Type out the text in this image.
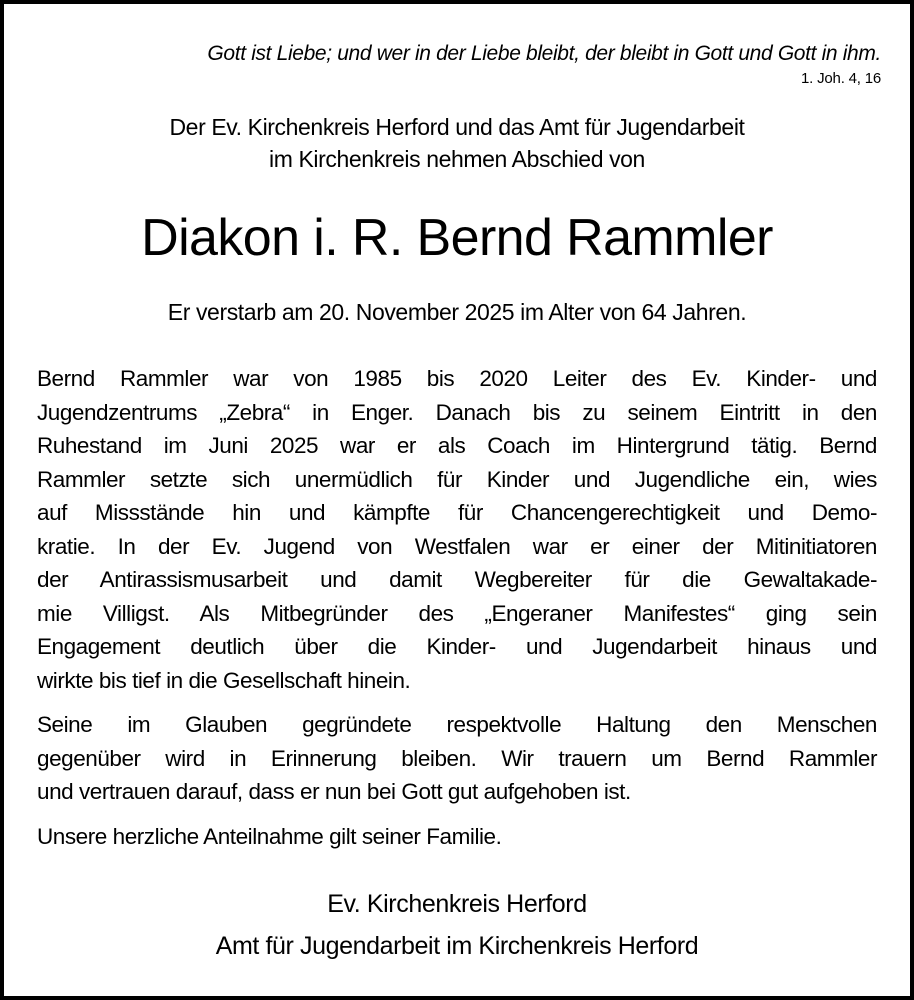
Gott ist Liebe; und wer in der Liebe bleibt, der bleibt in Gott und Gott in ihm.
1. Joh. 4, 16
Der Ev. Kirchenkreis Herford und das Amt für Jugendarbeit
im Kirchenkreis nehmen Abschied von
Diakon i. R. Bernd Rammler
Er verstarb am 20. November 2025 im Alter von 64 Jahren.

Bernd Rammler war von 1985 bis 2020 Leiter des Ev. Kinder- und
Jugendzentrums „Zebra“ in Enger. Danach bis zu seinem Eintritt in den
Ruhestand im Juni 2025 war er als Coach im Hintergrund tätig. Bernd
Rammler setzte sich unermüdlich für Kinder und Jugendliche ein, wies
auf Missstände hin und kämpfte für Chancengerechtigkeit und Demo-
kratie. In der Ev. Jugend von Westfalen war er einer der Mitinitiatoren
der Antirassismusarbeit und damit Wegbereiter für die Gewaltakade-
mie Villigst. Als Mitbegründer des „Engeraner Manifestes“ ging sein
Engagement deutlich über die Kinder- und Jugendarbeit hinaus und
wirkte bis tief in die Gesellschaft hinein.

Seine im Glauben gegründete respektvolle Haltung den Menschen
gegenüber wird in Erinnerung bleiben. Wir trauern um Bernd Rammler
und vertrauen darauf, dass er nun bei Gott gut aufgehoben ist.

Unsere herzliche Anteilnahme gilt seiner Familie.

Ev. Kirchenkreis Herford
Amt für Jugendarbeit im Kirchenkreis Herford
